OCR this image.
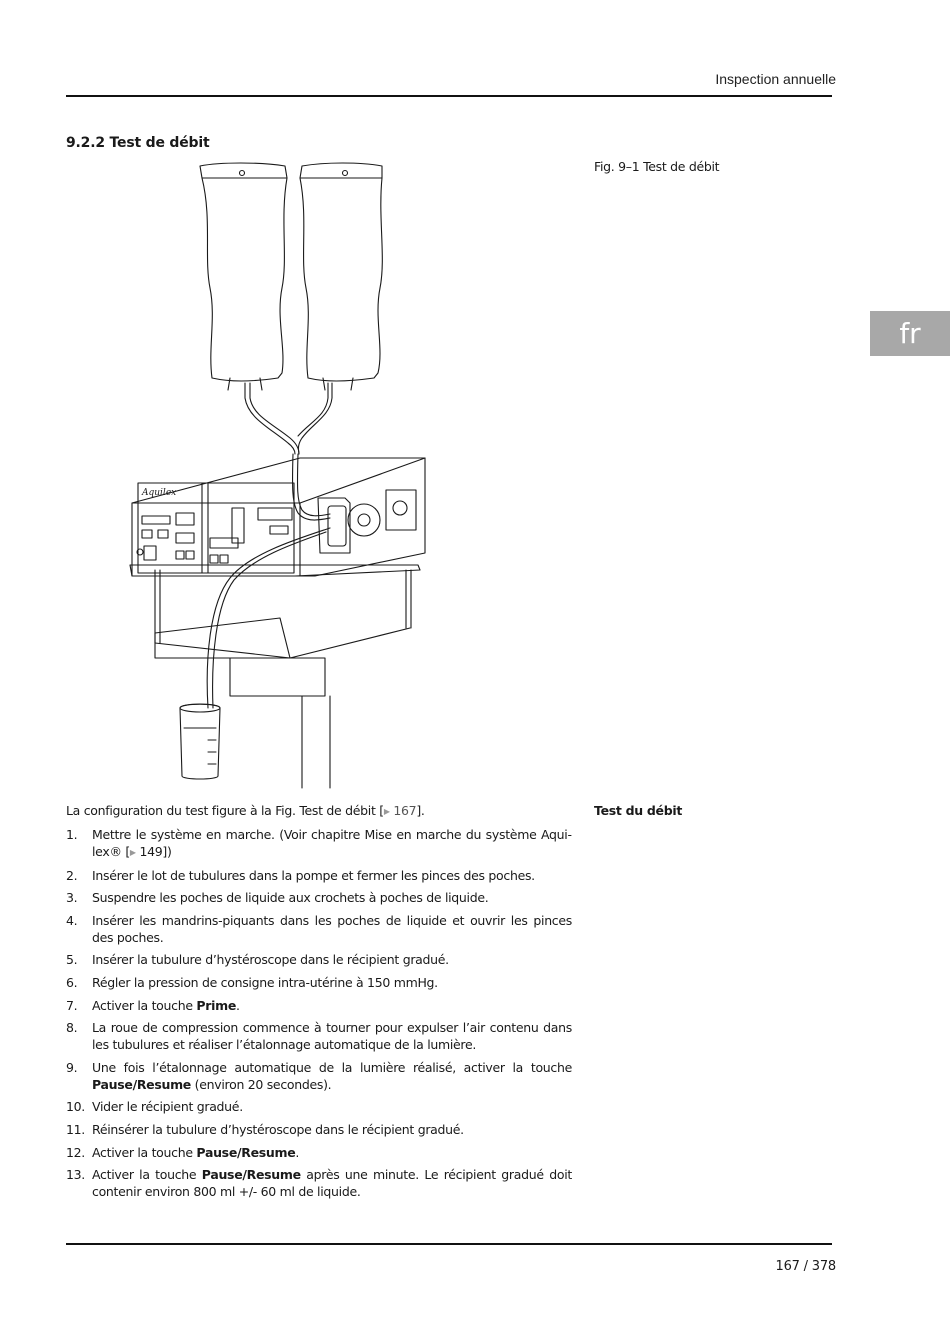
Inspection annuelle
9.2.2 Test de débit
Fig. 9–1 Test de débit
fr
Aquilex
Test du débit
La configuration du test figure à la Fig. Test de débit [▶ 167].
1. Mettre le système en marche. (Voir chapitre Mise en marche du système Aquilex® [▶ 149])
2. Insérer le lot de tubulures dans la pompe et fermer les pinces des poches.
3. Suspendre les poches de liquide aux crochets à poches de liquide.
4. Insérer les mandrins-piquants dans les poches de liquide et ouvrir les pinces des poches.
5. Insérer la tubulure d’hystéroscope dans le récipient gradué.
6. Régler la pression de consigne intra-utérine à 150 mmHg.
7. Activer la touche Prime.
8. La roue de compression commence à tourner pour expulser l’air contenu dans les tubulures et réaliser l’étalonnage automatique de la lumière.
9. Une fois l’étalonnage automatique de la lumière réalisé, activer la touche Pause/Resume (environ 20 secondes).
10. Vider le récipient gradué.
11. Réinsérer la tubulure d’hystéroscope dans le récipient gradué.
12. Activer la touche Pause/Resume.
13. Activer la touche Pause/Resume après une minute. Le récipient gradué doit contenir environ 800 ml +/- 60 ml de liquide.
167 / 378
